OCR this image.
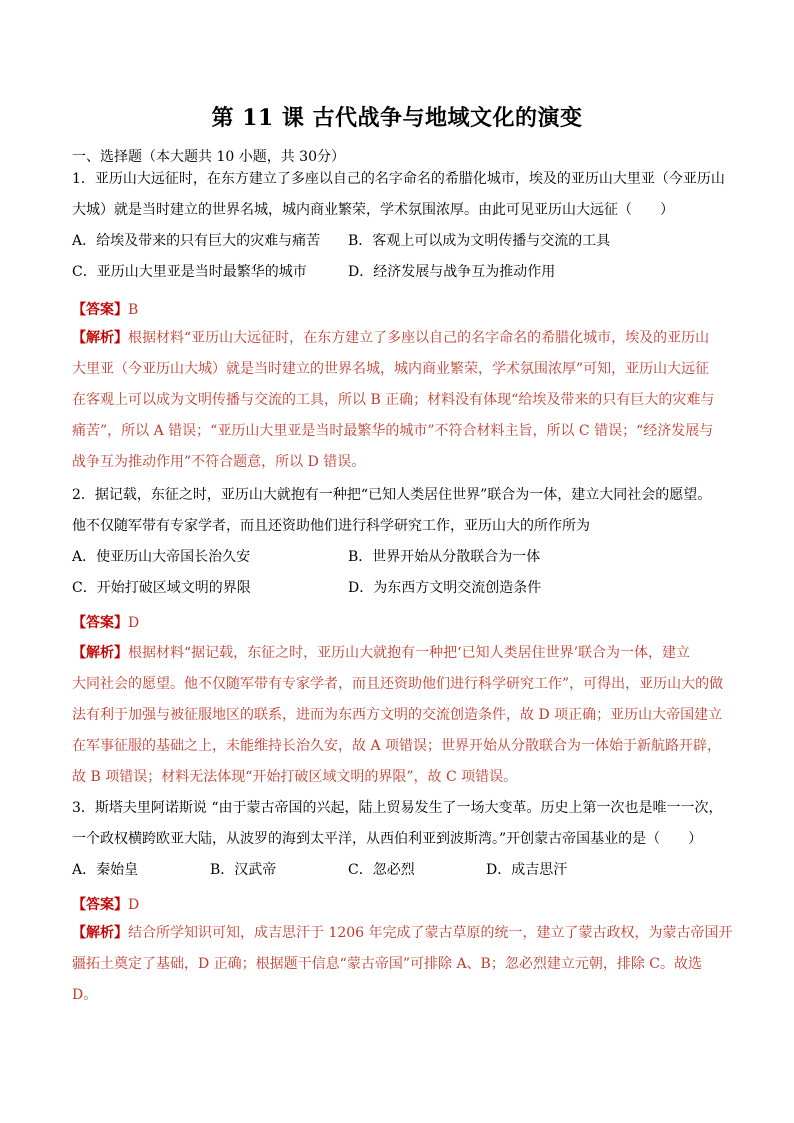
第 11 课 古代战争与地域文化的演变
一、选择题（本大题共 10 小题，共 30分）
1．亚历山大远征时，在东方建立了多座以自己的名字命名的希腊化城市，埃及的亚历山大里亚（今亚历山
大城）就是当时建立的世界名城，城内商业繁荣，学术氛围浓厚。由此可见亚历山大远征（　　）
A．给埃及带来的只有巨大的灾难与痛苦 B．客观上可以成为文明传播与交流的工具
C．亚历山大里亚是当时最繁华的城市	D．经济发展与战争互为推动作用
【答案】B
【解析】根据材料“亚历山大远征时，在东方建立了多座以自己的名字命名的希腊化城市，埃及的亚历山
大里亚（今亚历山大城）就是当时建立的世界名城，城内商业繁荣，学术氛围浓厚”可知，亚历山大远征
在客观上可以成为文明传播与交流的工具，所以 B 正确；材料没有体现“给埃及带来的只有巨大的灾难与
痛苦”，所以 A 错误；“亚历山大里亚是当时最繁华的城市”不符合材料主旨，所以 C 错误；“经济发展与
战争互为推动作用”不符合题意，所以 D 错误。
2．据记载，东征之时，亚历山大就抱有一种把“已知人类居住世界”联合为一体，建立大同社会的愿望。
他不仅随军带有专家学者，而且还资助他们进行科学研究工作，亚历山大的所作所为
A．使亚历山大帝国长治久安	B．世界开始从分散联合为一体
C．开始打破区域文明的界限	D．为东西方文明交流创造条件
【答案】D
【解析】根据材料“据记载，东征之时，亚历山大就抱有一种把‘已知人类居住世界’联合为一体，建立
大同社会的愿望。他不仅随军带有专家学者，而且还资助他们进行科学研究工作”，可得出，亚历山大的做
法有利于加强与被征服地区的联系，进而为东西方文明的交流创造条件，故 D 项正确；亚历山大帝国建立
在军事征服的基础之上，未能维持长治久安，故 A 项错误；世界开始从分散联合为一体始于新航路开辟，
故 B 项错误；材料无法体现“开始打破区域文明的界限”，故 C 项错误。
3．斯塔夫里阿诺斯说 “由于蒙古帝国的兴起，陆上贸易发生了一场大变革。历史上第一次也是唯一一次，
一个政权横跨欧亚大陆，从波罗的海到太平洋，从西伯利亚到波斯湾。”开创蒙古帝国基业的是（　　）
A．秦始皇	B．汉武帝	C．忽必烈	D．成吉思汗
【答案】D
【解析】结合所学知识可知，成吉思汗于 1206 年完成了蒙古草原的统一，建立了蒙古政权，为蒙古帝国开
疆拓土奠定了基础，D 正确；根据题干信息“蒙古帝国”可排除 A、B；忽必烈建立元朝，排除 C。故选
D。
